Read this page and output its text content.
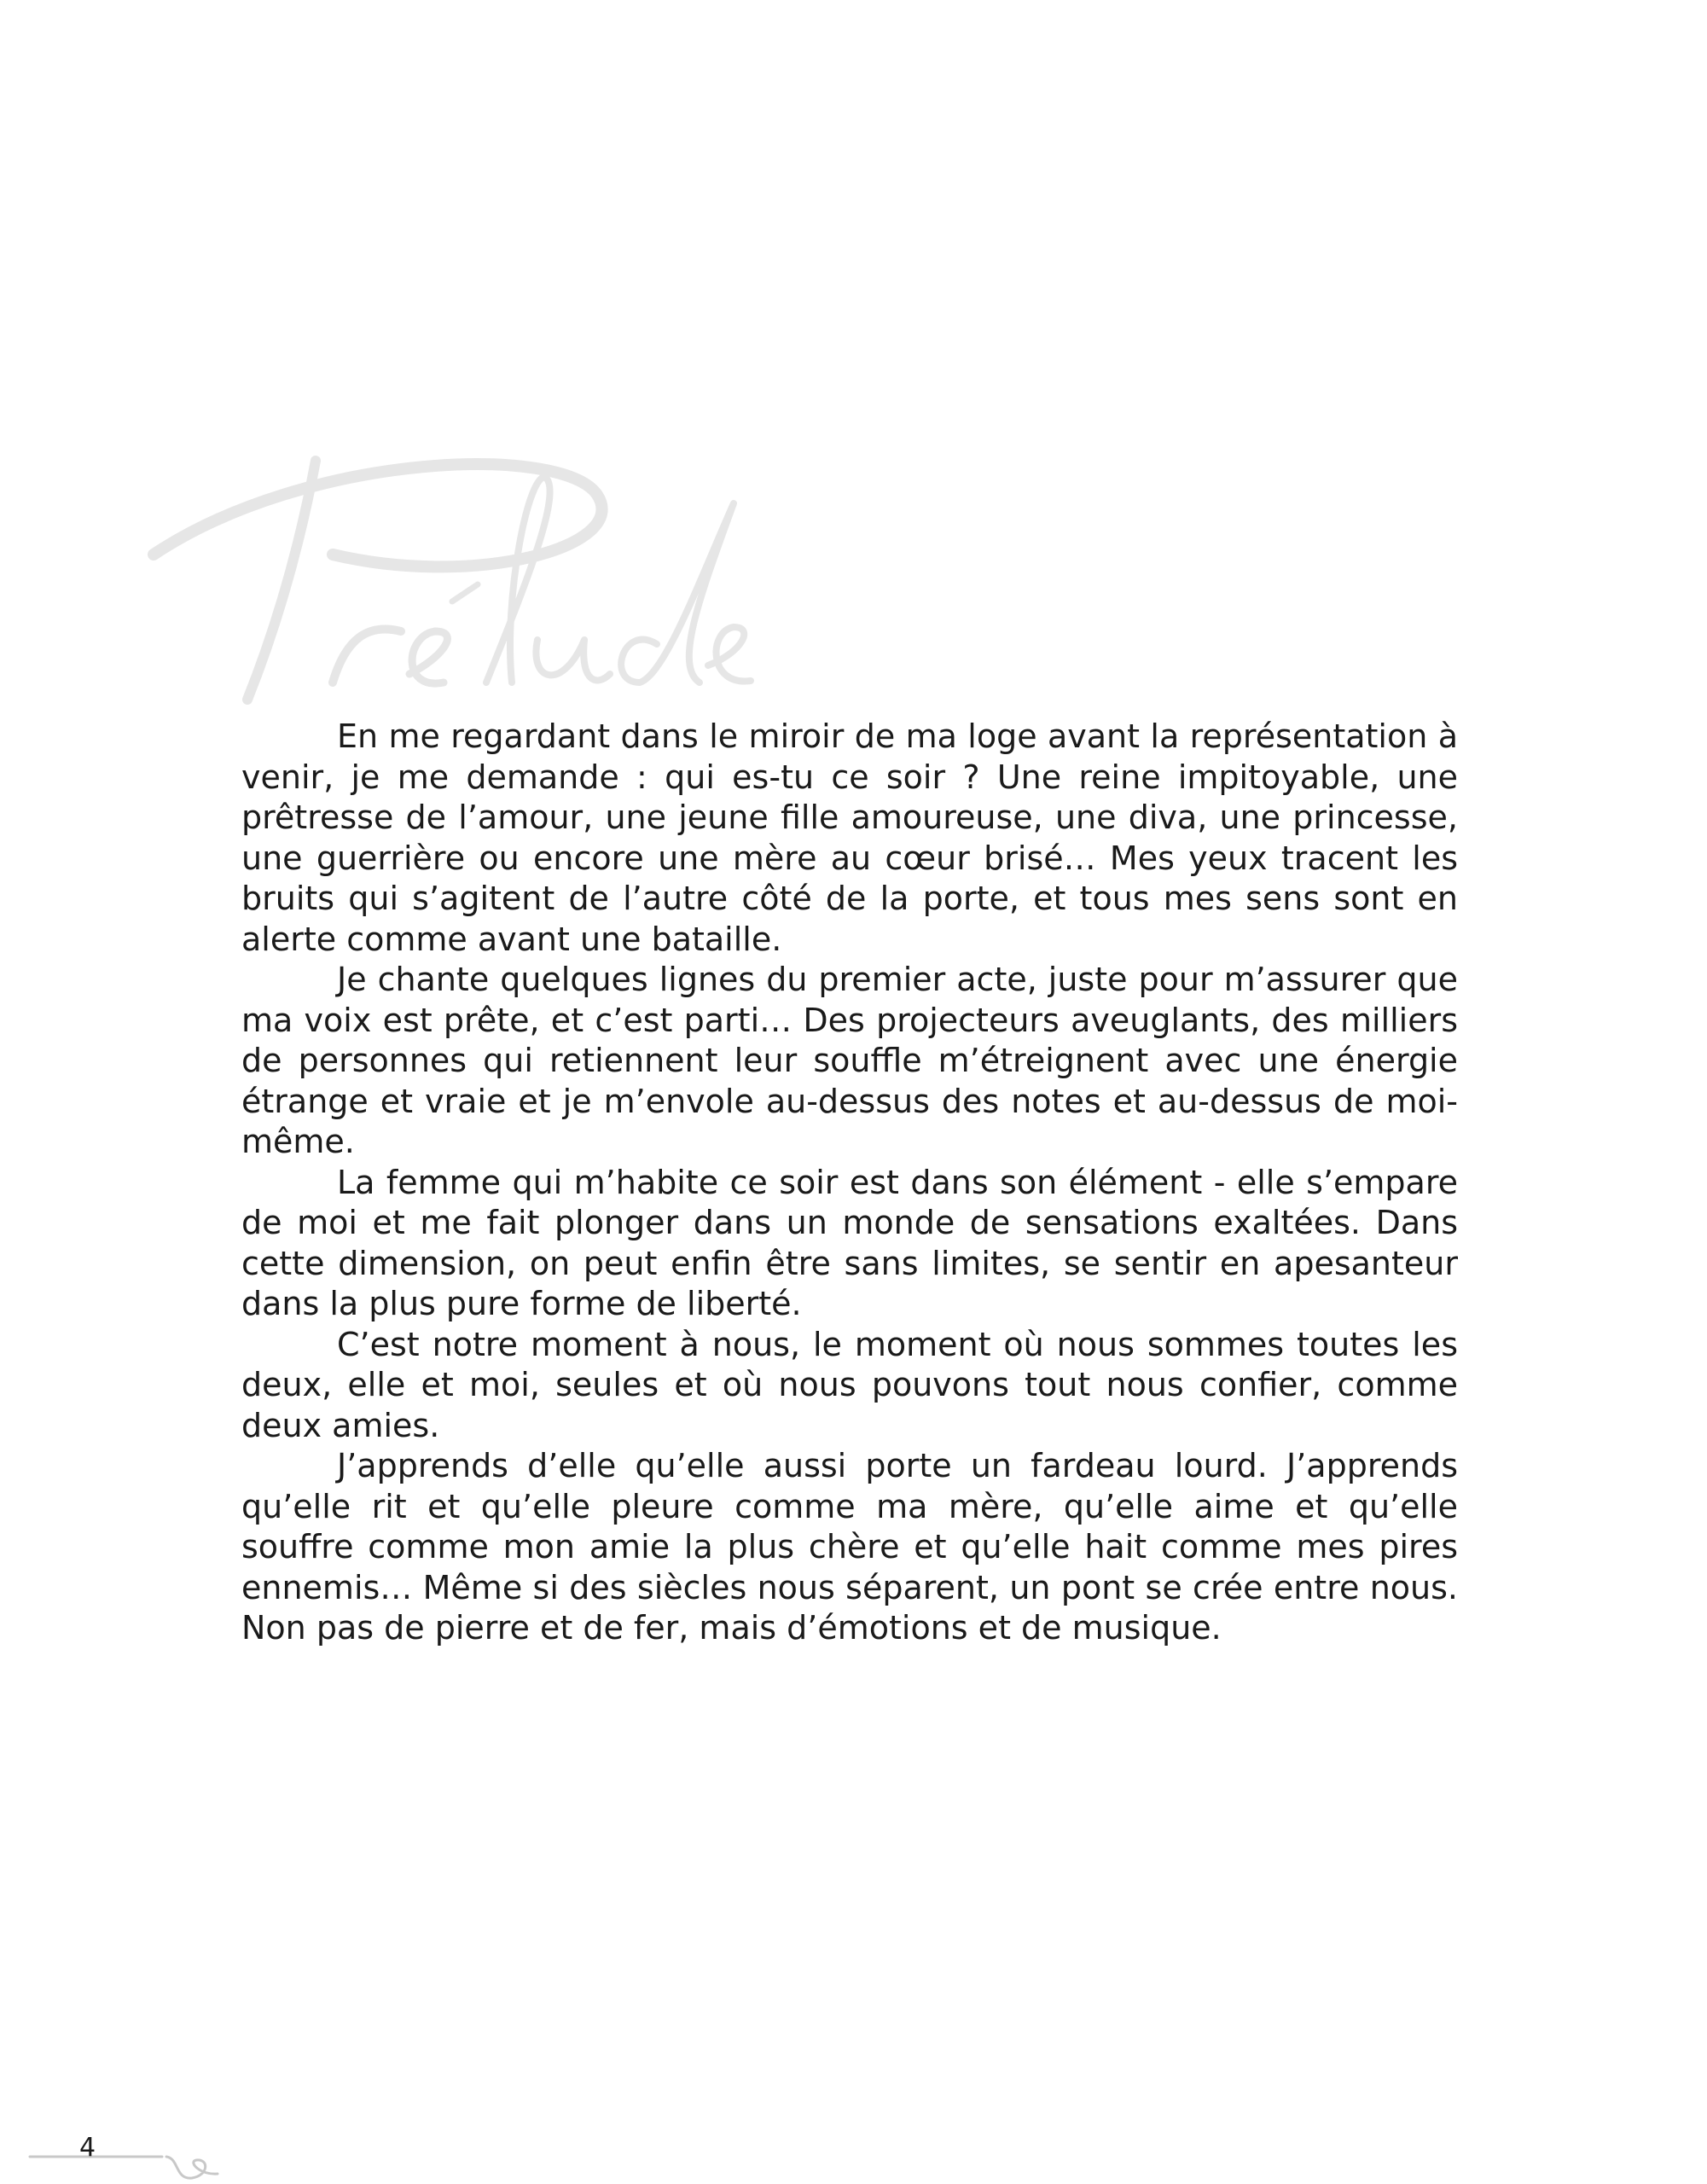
En me regardant dans le miroir de ma loge avant la représentation à venir, je me demande : qui es-tu ce soir ? Une reine impitoyable, une prêtresse de l’amour, une jeune fille amoureuse, une diva, une princesse, une guerrière ou encore une mère au cœur brisé… Mes yeux tracent les bruits qui s’agitent de l’autre côté de la porte, et tous mes sens sont en alerte comme avant une bataille.

Je chante quelques lignes du premier acte, juste pour m’assurer que ma voix est prête, et c’est parti… Des projecteurs aveuglants, des milliers de personnes qui retiennent leur souffle m’étreignent avec une énergie étrange et vraie et je m’envole au-dessus des notes et au-dessus de moi-même.

La femme qui m’habite ce soir est dans son élément - elle s’empare de moi et me fait plonger dans un monde de sensations exaltées. Dans cette dimension, on peut enfin être sans limites, se sentir en apesanteur dans la plus pure forme de liberté.

C’est notre moment à nous, le moment où nous sommes toutes les deux, elle et moi, seules et où nous pouvons tout nous confier, comme deux amies.

J’apprends d’elle qu’elle aussi porte un fardeau lourd. J’apprends qu’elle rit et qu’elle pleure comme ma mère, qu’elle aime et qu’elle souffre comme mon amie la plus chère et qu’elle hait comme mes pires ennemis… Même si des siècles nous séparent, un pont se crée entre nous. Non pas de pierre et de fer, mais d’émotions et de musique.

4
